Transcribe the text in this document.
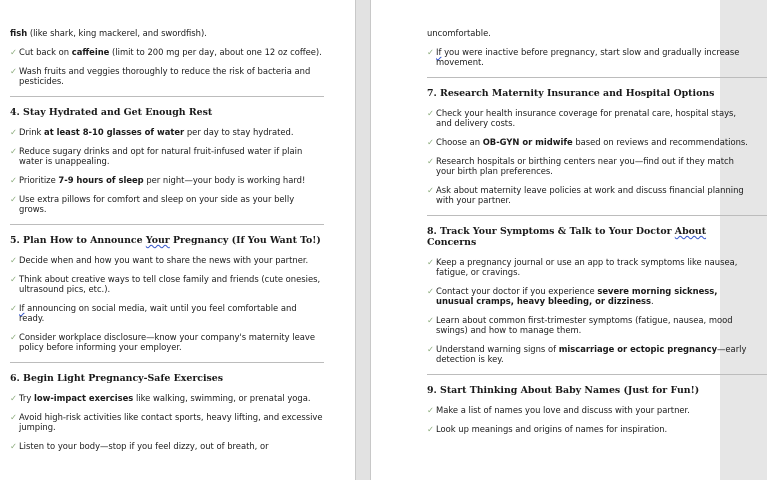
fish (like shark, king mackerel, and swordfish).
✓ Cut back on caffeine (limit to 200 mg per day, about one 12 oz coffee).
✓ Wash fruits and veggies thoroughly to reduce the risk of bacteria and pesticides.
4. Stay Hydrated and Get Enough Rest
✓ Drink at least 8-10 glasses of water per day to stay hydrated.
✓ Reduce sugary drinks and opt for natural fruit-infused water if plain water is unappealing.
✓ Prioritize 7-9 hours of sleep per night—your body is working hard!
✓ Use extra pillows for comfort and sleep on your side as your belly grows.
5. Plan How to Announce Your Pregnancy (If You Want To!)
✓ Decide when and how you want to share the news with your partner.
✓ Think about creative ways to tell close family and friends (cute onesies, ultrasound pics, etc.).
✓ If announcing on social media, wait until you feel comfortable and ready.
✓ Consider workplace disclosure—know your company's maternity leave policy before informing your employer.
6. Begin Light Pregnancy-Safe Exercises
✓ Try low-impact exercises like walking, swimming, or prenatal yoga.
✓ Avoid high-risk activities like contact sports, heavy lifting, and excessive jumping.
✓ Listen to your body—stop if you feel dizzy, out of breath, or
uncomfortable.
✓ If you were inactive before pregnancy, start slow and gradually increase
movement.
7. Research Maternity Insurance and Hospital Options
✓ Check your health insurance coverage for prenatal care, hospital stays,
and delivery costs.
✓ Choose an OB-GYN or midwife based on reviews and recommendations.
✓ Research hospitals or birthing centers near you—find out if they match
your birth plan preferences.
✓ Ask about maternity leave policies at work and discuss financial planning
with your partner.
8. Track Your Symptoms & Talk to Your Doctor About
Concerns
✓ Keep a pregnancy journal or use an app to track symptoms like nausea,
fatigue, or cravings.
✓ Contact your doctor if you experience severe morning sickness,
unusual cramps, heavy bleeding, or dizziness.
✓ Learn about common first-trimester symptoms (fatigue, nausea, mood
swings) and how to manage them.
✓ Understand warning signs of miscarriage or ectopic pregnancy—early
detection is key.
9. Start Thinking About Baby Names (Just for Fun!)
✓ Make a list of names you love and discuss with your partner.
✓ Look up meanings and origins of names for inspiration.
